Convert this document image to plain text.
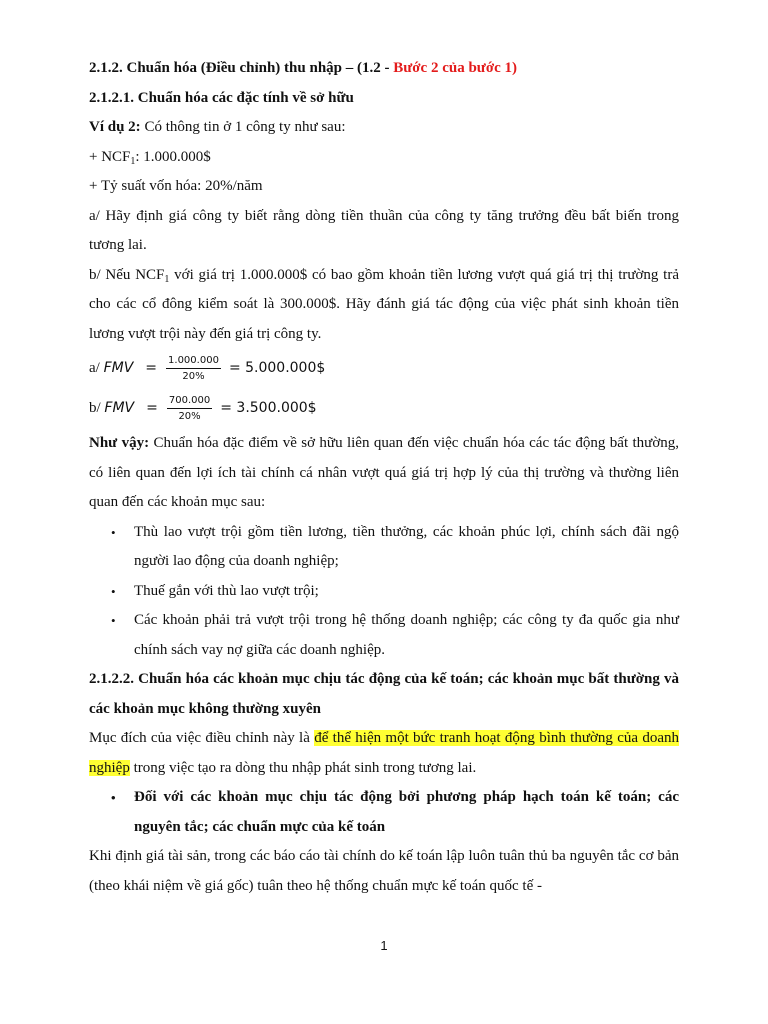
2.1.2. Chuẩn hóa (Điều chỉnh) thu nhập – (1.2 - Bước 2 của bước 1)

2.1.2.1. Chuẩn hóa các đặc tính về sở hữu

Ví dụ 2: Có thông tin ở 1 công ty như sau:

+ $NCF_1$: 1.000.000$

+ Tỷ suất vốn hóa: 20%/năm

a/ Hãy định giá công ty biết rằng dòng tiền thuần của công ty tăng trưởng đều bất biến trong tương lai.

b/ Nếu $NCF_1$ với giá trị 1.000.000$ có bao gồm khoản tiền lương vượt quá giá trị thị trường trả cho các cổ đông kiểm soát là 300.000$. Hãy đánh giá tác động của việc phát sinh khoản tiền lương vượt trội này đến giá trị công ty.

a/
FMV = $\frac{1.000.000}{20\%}$ = 5.000.000$
b/
FMV = $\frac{700.000}{20\%}$ = 3.500.000$

Như vậy: Chuẩn hóa đặc điểm về sở hữu liên quan đến việc chuẩn hóa các tác động bất thường, có liên quan đến lợi ích tài chính cá nhân vượt quá giá trị hợp lý của thị trường và thường liên quan đến các khoản mục sau:

• Thù lao vượt trội gồm tiền lương, tiền thưởng, các khoản phúc lợi, chính sách đãi ngộ người lao động của doanh nghiệp;

• Thuế gắn với thù lao vượt trội;

• Các khoản phải trả vượt trội trong hệ thống doanh nghiệp; các công ty đa quốc gia như chính sách vay nợ giữa các doanh nghiệp.

2.1.2.2. Chuẩn hóa các khoản mục chịu tác động của kế toán; các khoản mục bất thường và các khoản mục không thường xuyên

Mục đích của việc điều chỉnh này là để thể hiện một bức tranh hoạt động bình thường của doanh nghiệp trong việc tạo ra dòng thu nhập phát sinh trong tương lai.

• Đối với các khoản mục chịu tác động bởi phương pháp hạch toán kế toán; các nguyên tắc; các chuẩn mực của kế toán

Khi định giá tài sản, trong các báo cáo tài chính do kế toán lập luôn tuân thủ ba nguyên tắc cơ bản (theo khái niệm về giá gốc) tuân theo hệ thống chuẩn mực kế toán quốc tế -

1
